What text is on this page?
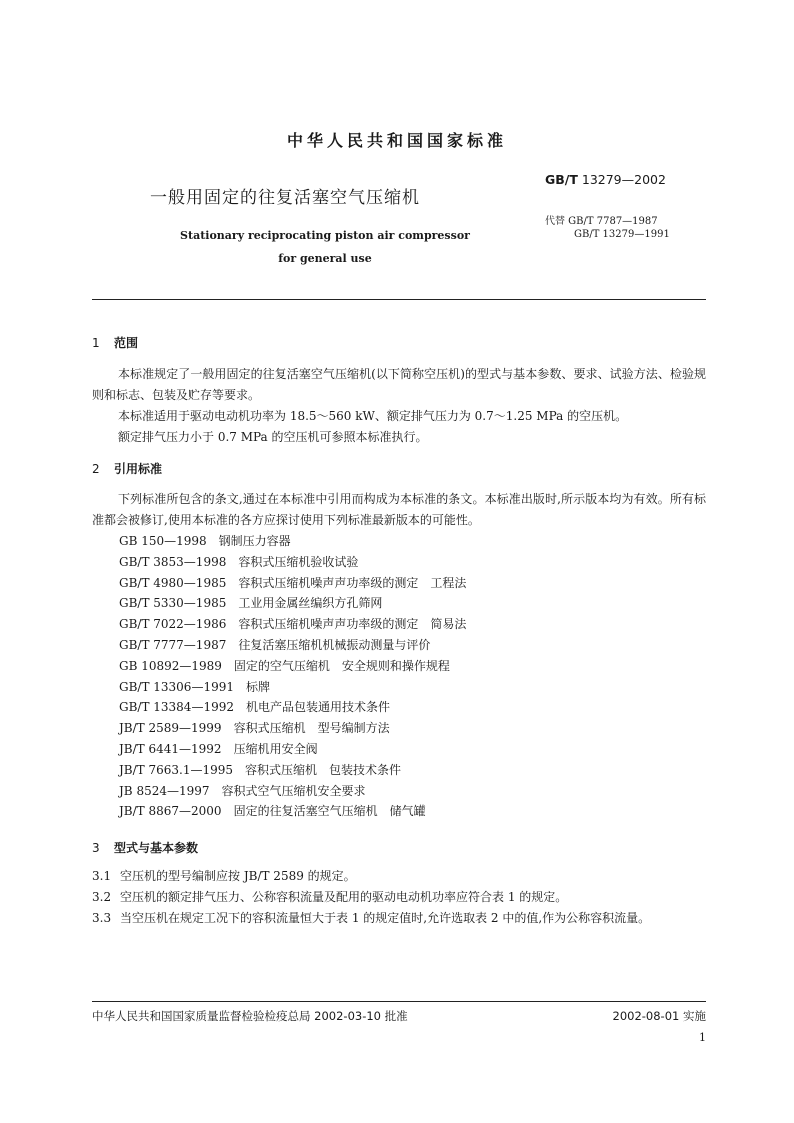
中华人民共和国国家标准
一般用固定的往复活塞空气压缩机
GB/T 13279—2002
代替 GB/T 7787—1987
GB/T 13279—1991
Stationary reciprocating piston air compressor
for general use
1 范围
本标准规定了一般用固定的往复活塞空气压缩机(以下简称空压机)的型式与基本参数、要求、试验方法、检验规则和标志、包装及贮存等要求。
本标准适用于驱动电动机功率为 18.5～560 kW、额定排气压力为 0.7～1.25 MPa 的空压机。
额定排气压力小于 0.7 MPa 的空压机可参照本标准执行。
2 引用标准
下列标准所包含的条文,通过在本标准中引用而构成为本标准的条文。本标准出版时,所示版本均为有效。所有标准都会被修订,使用本标准的各方应探讨使用下列标准最新版本的可能性。
GB 150—1998　钢制压力容器
GB/T 3853—1998　容积式压缩机验收试验
GB/T 4980—1985　容积式压缩机噪声声功率级的测定　工程法
GB/T 5330—1985　工业用金属丝编织方孔筛网
GB/T 7022—1986　容积式压缩机噪声声功率级的测定　简易法
GB/T 7777—1987　往复活塞压缩机机械振动测量与评价
GB 10892—1989　固定的空气压缩机　安全规则和操作规程
GB/T 13306—1991　标牌
GB/T 13384—1992　机电产品包装通用技术条件
JB/T 2589—1999　容积式压缩机　型号编制方法
JB/T 6441—1992　压缩机用安全阀
JB/T 7663.1—1995　容积式压缩机　包装技术条件
JB 8524—1997　容积式空气压缩机安全要求
JB/T 8867—2000　固定的往复活塞空气压缩机　储气罐
3 型式与基本参数
3.1 空压机的型号编制应按 JB/T 2589 的规定。
3.2 空压机的额定排气压力、公称容积流量及配用的驱动电动机功率应符合表 1 的规定。
3.3 当空压机在规定工况下的容积流量恒大于表 1 的规定值时,允许选取表 2 中的值,作为公称容积流量。
中华人民共和国国家质量监督检验检疫总局 2002-03-10 批准	2002-08-01 实施
1
